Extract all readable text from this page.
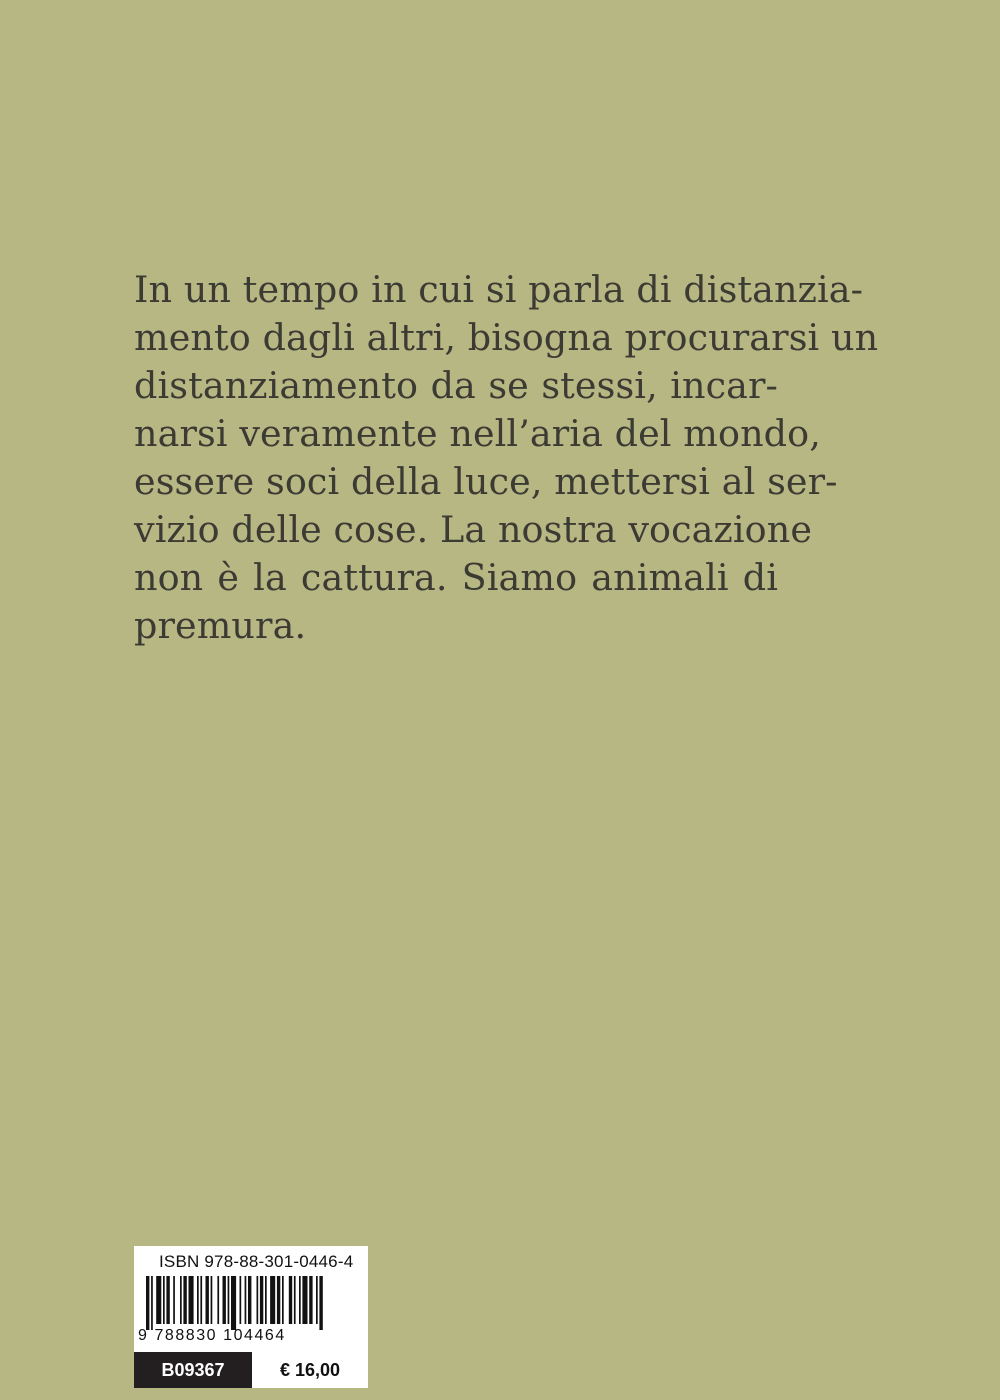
In un tempo in cui si parla di distanzia-
mento dagli altri, bisogna procurarsi un
distanziamento da se stessi, incar-
narsi veramente nell’aria del mondo,
essere soci della luce, mettersi al ser-
vizio delle cose. La nostra vocazione
non è la cattura. Siamo animali di
premura.
ISBN 978-88-301-0446-4
9 788830 104464
B09367	€ 16,00
